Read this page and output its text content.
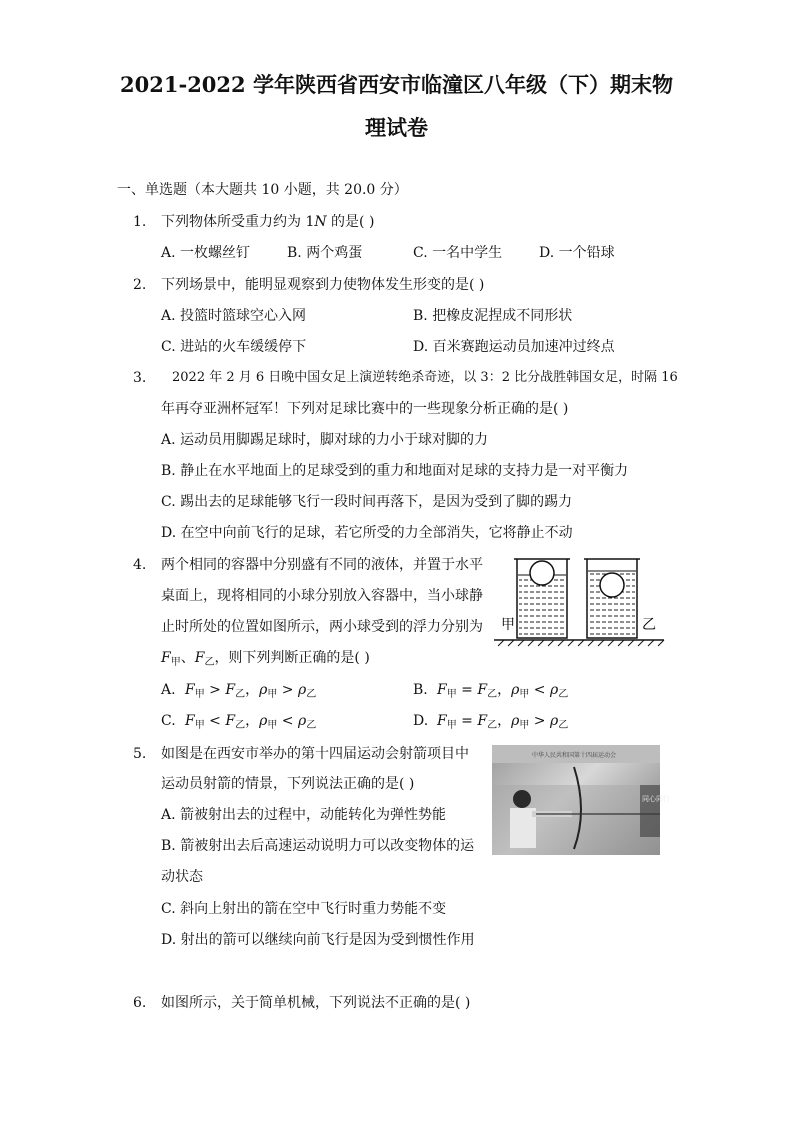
2021-2022 学年陕西省西安市临潼区八年级（下）期末物
理试卷
一、单选题（本大题共 10 小题，共 20.0 分）
1. 下列物体所受重力约为 1N 的是( )
A. 一枚螺丝钉	B. 两个鸡蛋	C. 一名中学生	D. 一个铅球
2. 下列场景中，能明显观察到力使物体发生形变的是( )
A. 投篮时篮球空心入网	B. 把橡皮泥捏成不同形状
C. 进站的火车缓缓停下	D. 百米赛跑运动员加速冲过终点
3. 2022 年 2 月 6 日晚中国女足上演逆转绝杀奇迹，以 3：2 比分战胜韩国女足，时隔 16
年再夺亚洲杯冠军！下列对足球比赛中的一些现象分析正确的是( )
A. 运动员用脚踢足球时，脚对球的力小于球对脚的力
B. 静止在水平地面上的足球受到的重力和地面对足球的支持力是一对平衡力
C. 踢出去的足球能够飞行一段时间再落下，是因为受到了脚的踢力
D. 在空中向前飞行的足球，若它所受的力全部消失，它将静止不动
4. 两个相同的容器中分别盛有不同的液体，并置于水平
桌面上，现将相同的小球分别放入容器中，当小球静
止时所处的位置如图所示，两小球受到的浮力分别为
$F_甲$、$F_乙$，则下列判断正确的是( )
A. $F_甲 > F_乙$，$\rho_甲 > \rho_乙$	B. $F_甲 = F_乙$，$\rho_甲 < \rho_乙$
C. $F_甲 < F_乙$，$\rho_甲 < \rho_乙$	D. $F_甲 = F_乙$，$\rho_甲 > \rho_乙$
甲	乙
5. 如图是在西安市举办的第十四届运动会射箭项目中
运动员射箭的情景，下列说法正确的是( )
A. 箭被射出去的过程中，动能转化为弹性势能
B. 箭被射出去后高速运动说明力可以改变物体的运
动状态
C. 斜向上射出的箭在空中飞行时重力势能不变
D. 射出的箭可以继续向前飞行是因为受到惯性作用
中华人民共和国第十四届运动会
同心同行
6. 如图所示，关于简单机械，下列说法不正确的是( )
